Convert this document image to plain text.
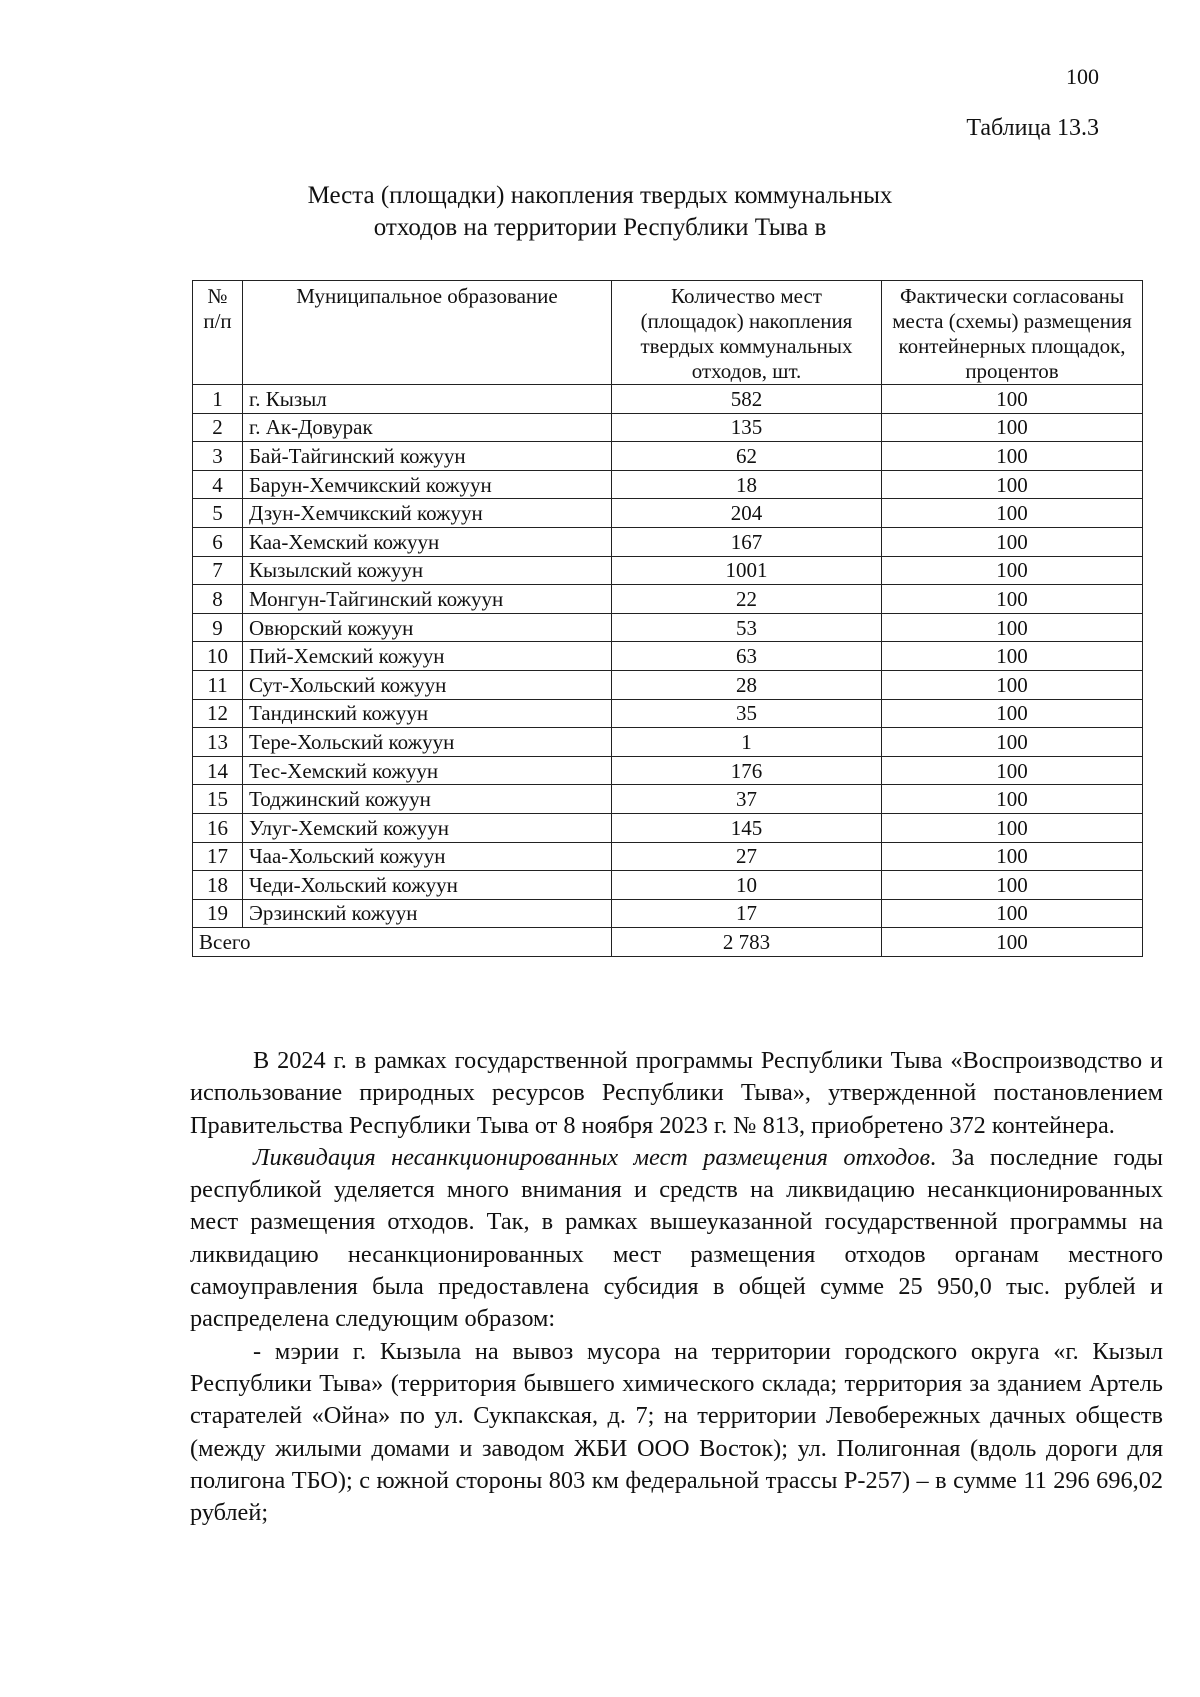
100
Таблица 13.3
Места (площадки) накопления твердых коммунальных
отходов на территории Республики Тыва в
№ п/п	Муниципальное образование	Количество мест (площадок) накопления твердых коммунальных отходов, шт.	Фактически согласованы места (схемы) размещения контейнерных площадок, процентов
1	г. Кызыл	582	100
2	г. Ак-Довурак	135	100
3	Бай-Тайгинский кожуун	62	100
4	Барун-Хемчикский кожуун	18	100
5	Дзун-Хемчикский кожуун	204	100
6	Каа-Хемский кожуун	167	100
7	Кызылский кожуун	1001	100
8	Монгун-Тайгинский кожуун	22	100
9	Овюрский кожуун	53	100
10	Пий-Хемский кожуун	63	100
11	Сут-Хольский кожуун	28	100
12	Тандинский кожуун	35	100
13	Тере-Хольский кожуун	1	100
14	Тес-Хемский кожуун	176	100
15	Тоджинский кожуун	37	100
16	Улуг-Хемский кожуун	145	100
17	Чаа-Хольский кожуун	27	100
18	Чеди-Хольский кожуун	10	100
19	Эрзинский кожуун	17	100
Всего		2 783	100

В 2024 г. в рамках государственной программы Республики Тыва «Воспроизводство и использование природных ресурсов Республики Тыва», утвержденной постановлением Правительства Республики Тыва от 8 ноября 2023 г. № 813, приобретено 372 контейнера.

Ликвидация несанкционированных мест размещения отходов. За последние годы республикой уделяется много внимания и средств на ликвидацию несанкционированных мест размещения отходов. Так, в рамках вышеуказанной государственной программы на ликвидацию несанкционированных мест размещения отходов органам местного самоуправления была предоставлена субсидия в общей сумме 25 950,0 тыс. рублей и распределена следующим образом:

- мэрии г. Кызыла на вывоз мусора на территории городского округа «г. Кызыл Республики Тыва» (территория бывшего химического склада; территория за зданием Артель старателей «Ойна» по ул. Сукпакская, д. 7; на территории Левобережных дачных обществ (между жилыми домами и заводом ЖБИ ООО Восток); ул. Полигонная (вдоль дороги для полигона ТБО); с южной стороны 803 км федеральной трассы Р-257) – в сумме 11 296 696,02 рублей;
